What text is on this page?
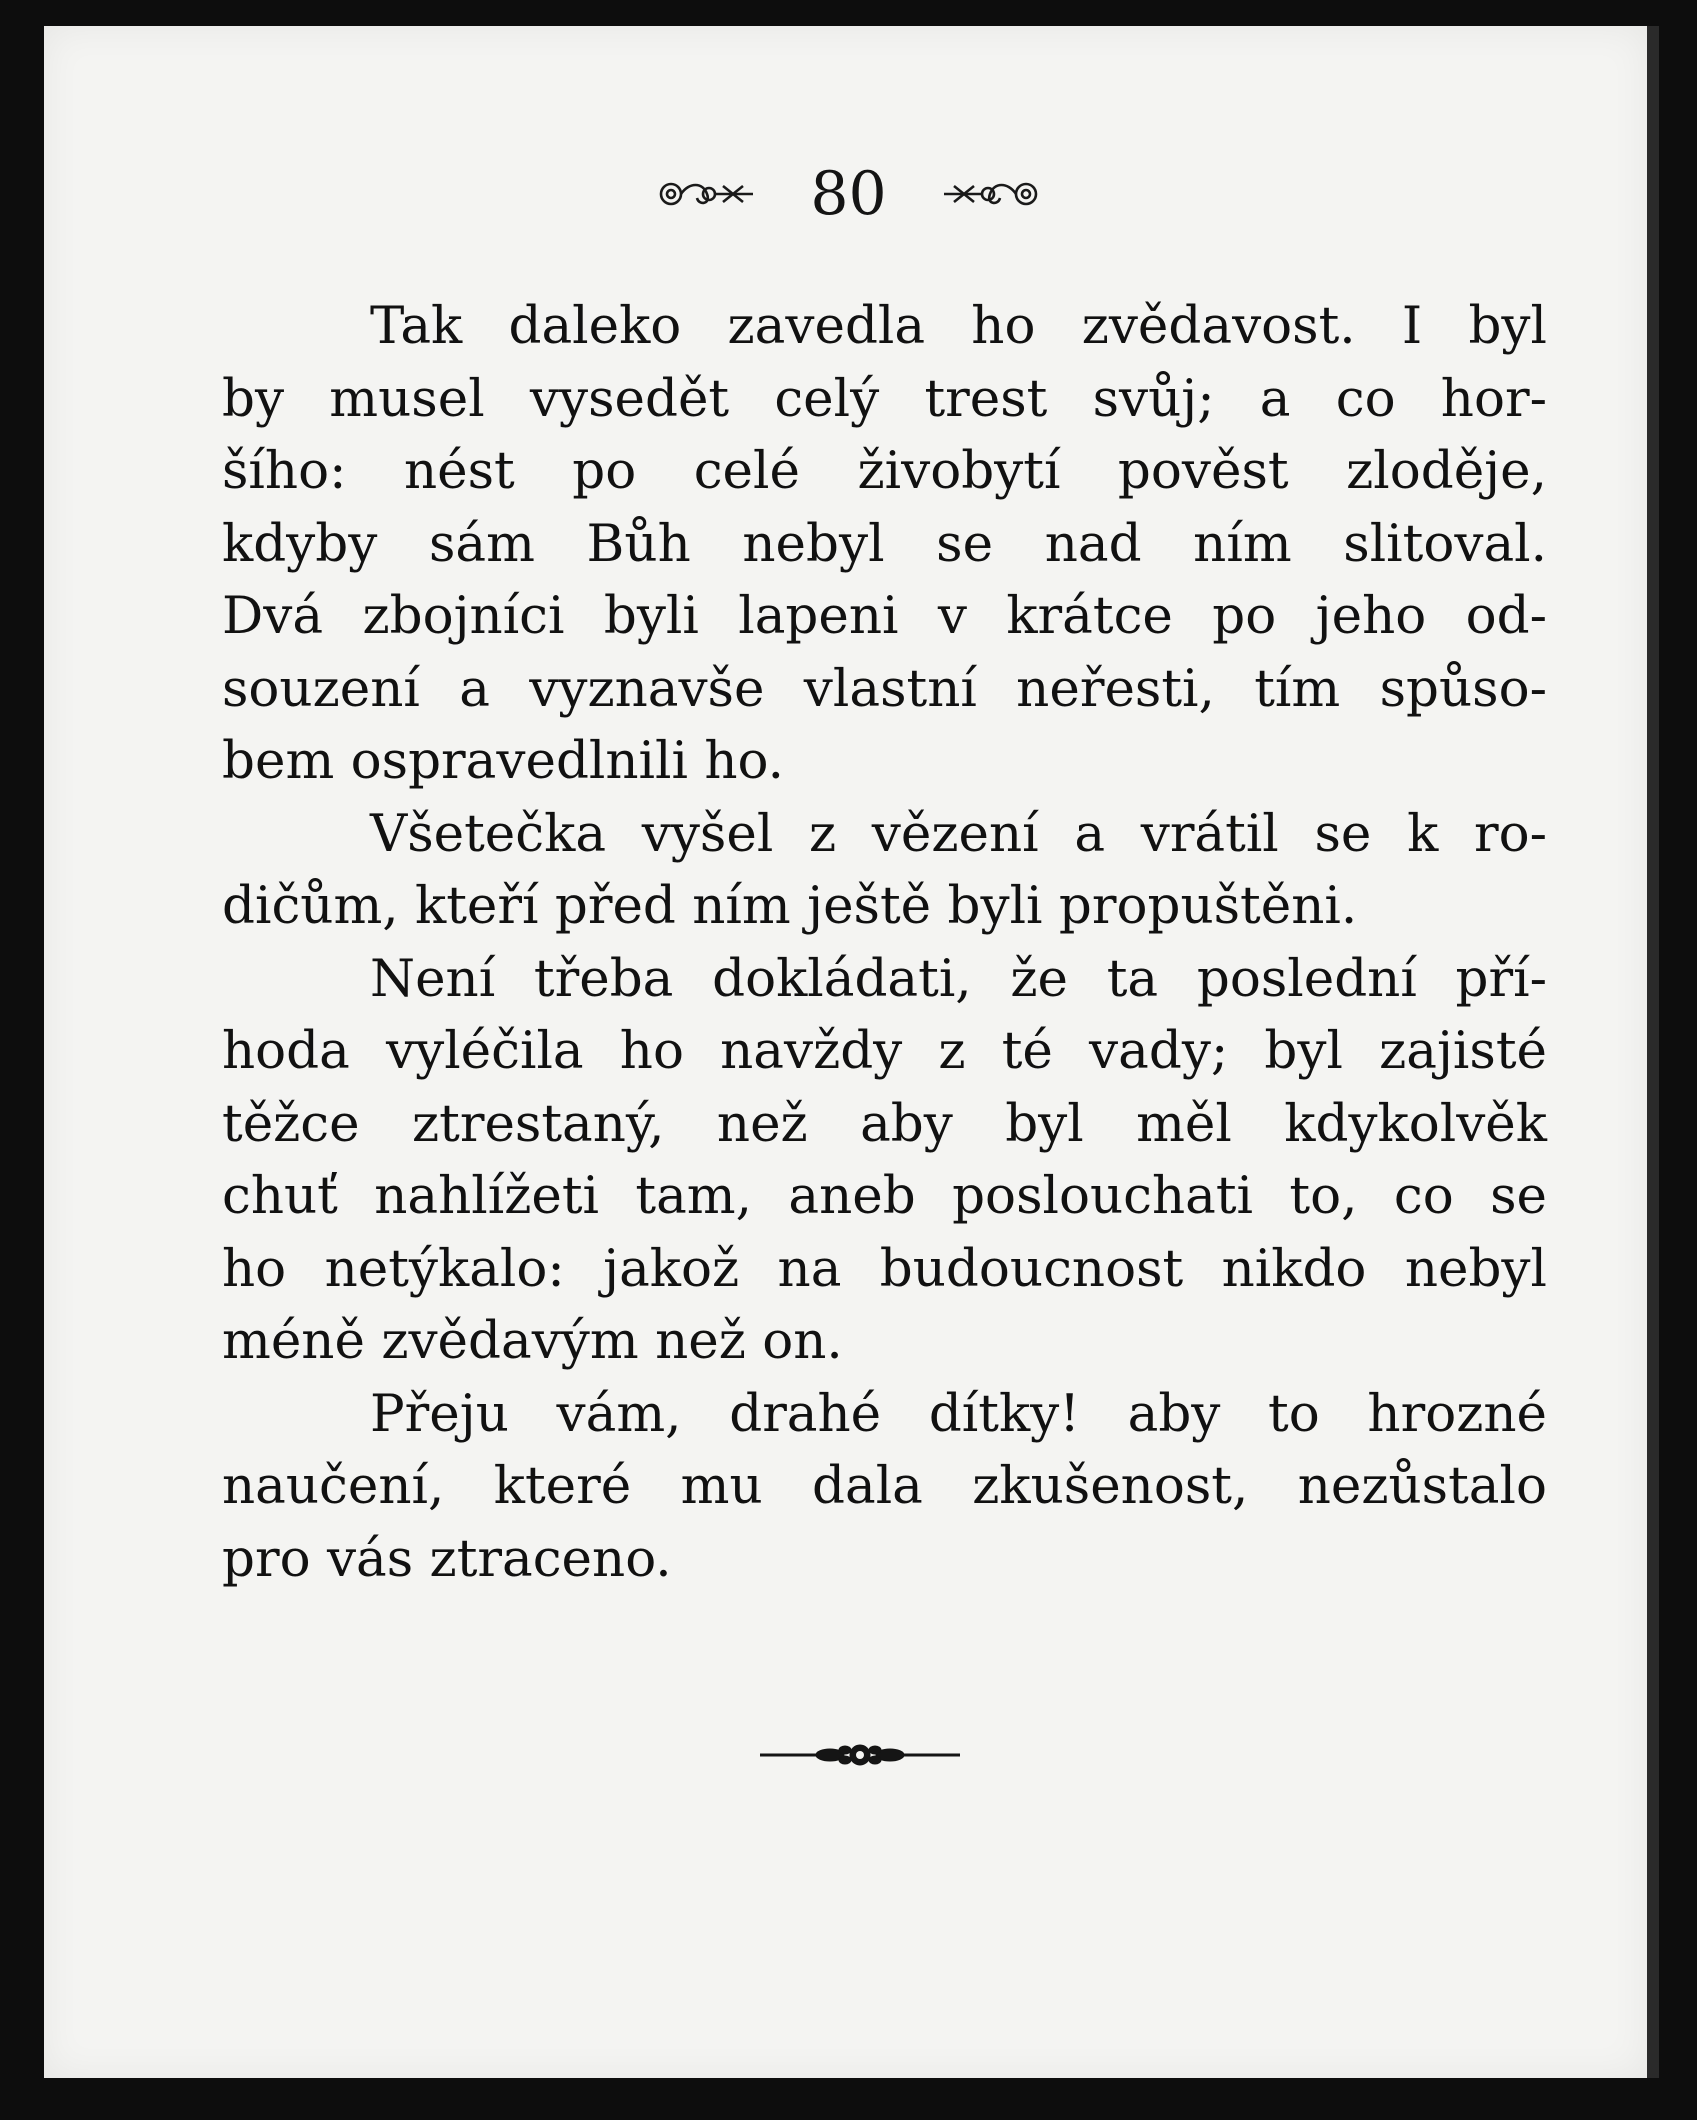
80
Tak daleko zavedla ho zvědavost. I byl
by musel vysedět celý trest svůj; a co hor-
šího: nést po celé živobytí pověst zloděje,
kdyby sám Bůh nebyl se nad ním slitoval.
Dvá zbojníci byli lapeni v krátce po jeho od-
souzení a vyznavše vlastní neřesti, tím spůso-
bem ospravedlnili ho.
Všetečka vyšel z vězení a vrátil se k ro-
dičům, kteří před ním ještě byli propuštěni.
Není třeba dokládati, že ta poslední pří-
hoda vyléčila ho navždy z té vady; byl zajisté
těžce ztrestaný, než aby byl měl kdykolvěk
chuť nahlížeti tam, aneb poslouchati to, co se
ho netýkalo: jakož na budoucnost nikdo nebyl
méně zvědavým než on.
Přeju vám, drahé dítky! aby to hrozné
naučení, které mu dala zkušenost, nezůstalo
pro vás ztraceno.
